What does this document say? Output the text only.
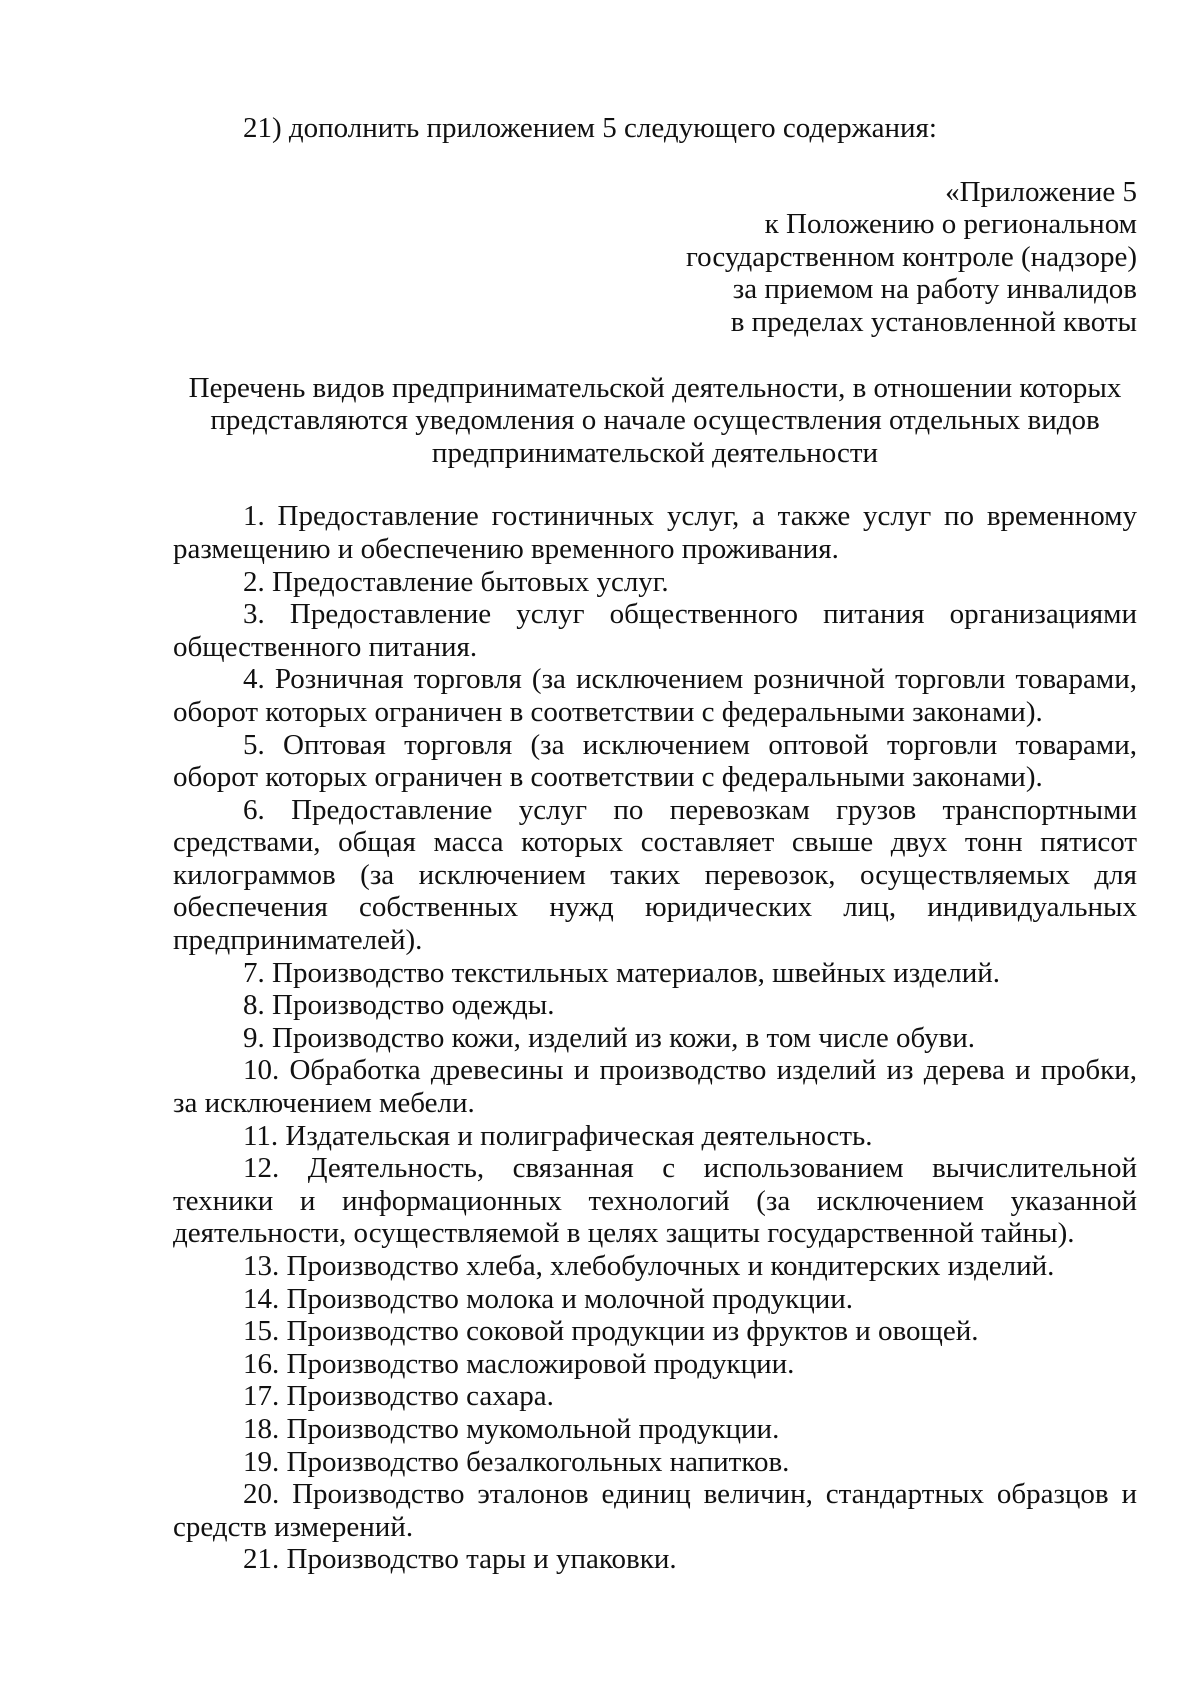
21) дополнить приложением 5 следующего содержания:

«Приложение 5
к Положению о региональном
государственном контроле (надзоре)
за приемом на работу инвалидов
в пределах установленной квоты
Перечень видов предпринимательской деятельности, в отношении которых
представляются уведомления о начале осуществления отдельных видов
предпринимательской деятельности

1. Предоставление гостиничных услуг, а также услуг по временному размещению и обеспечению временного проживания.

2. Предоставление бытовых услуг.

3. Предоставление услуг общественного питания организациями общественного питания.

4. Розничная торговля (за исключением розничной торговли товарами, оборот которых ограничен в соответствии с федеральными законами).

5. Оптовая торговля (за исключением оптовой торговли товарами, оборот которых ограничен в соответствии с федеральными законами).

6. Предоставление услуг по перевозкам грузов транспортными средствами, общая масса которых составляет свыше двух тонн пятисот килограммов (за исключением таких перевозок, осуществляемых для обеспечения собственных нужд юридических лиц, индивидуальных предпринимателей).

7. Производство текстильных материалов, швейных изделий.

8. Производство одежды.

9. Производство кожи, изделий из кожи, в том числе обуви.

10. Обработка древесины и производство изделий из дерева и пробки, за исключением мебели.

11. Издательская и полиграфическая деятельность.

12. Деятельность, связанная с использованием вычислительной техники и информационных технологий (за исключением указанной деятельности, осуществляемой в целях защиты государственной тайны).

13. Производство хлеба, хлебобулочных и кондитерских изделий.

14. Производство молока и молочной продукции.

15. Производство соковой продукции из фруктов и овощей.

16. Производство масложировой продукции.

17. Производство сахара.

18. Производство мукомольной продукции.

19. Производство безалкогольных напитков.

20. Производство эталонов единиц величин, стандартных образцов и средств измерений.

21. Производство тары и упаковки.
